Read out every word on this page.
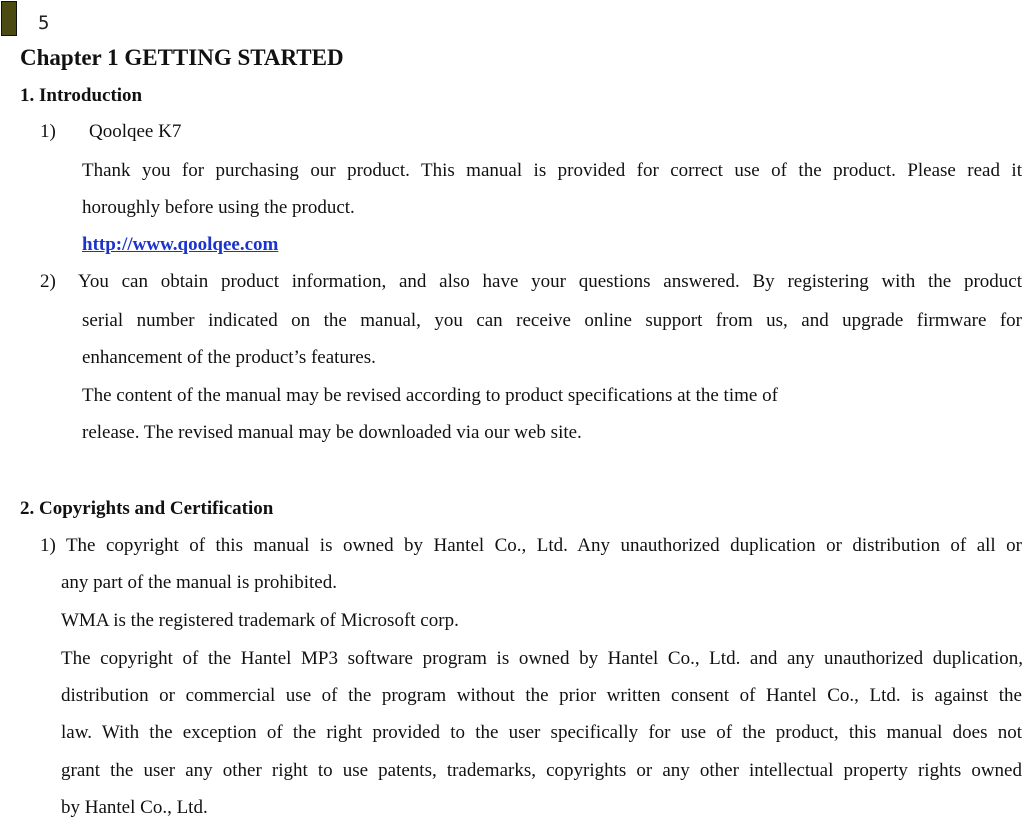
5
Chapter 1 GETTING STARTED
1. Introduction
1) Qoolqee K7
Thank you for purchasing our product. This manual is provided for correct use of the product. Please read it
horoughly before using the product.
http://www.qoolqee.com
2) You can obtain product information, and also have your questions answered. By registering with the product
serial number indicated on the manual, you can receive online support from us, and upgrade firmware for
enhancement of the product’s features.
The content of the manual may be revised according to product specifications at the time of
release. The revised manual may be downloaded via our web site.
2. Copyrights and Certification
1) The copyright of this manual is owned by Hantel Co., Ltd. Any unauthorized duplication or distribution of all or
any part of the manual is prohibited.
WMA is the registered trademark of Microsoft corp.
The copyright of the Hantel MP3 software program is owned by Hantel Co., Ltd. and any unauthorized duplication,
distribution or commercial use of the program without the prior written consent of Hantel Co., Ltd. is against the
law. With the exception of the right provided to the user specifically for use of the product, this manual does not
grant the user any other right to use patents, trademarks, copyrights or any other intellectual property rights owned
by Hantel Co., Ltd.
